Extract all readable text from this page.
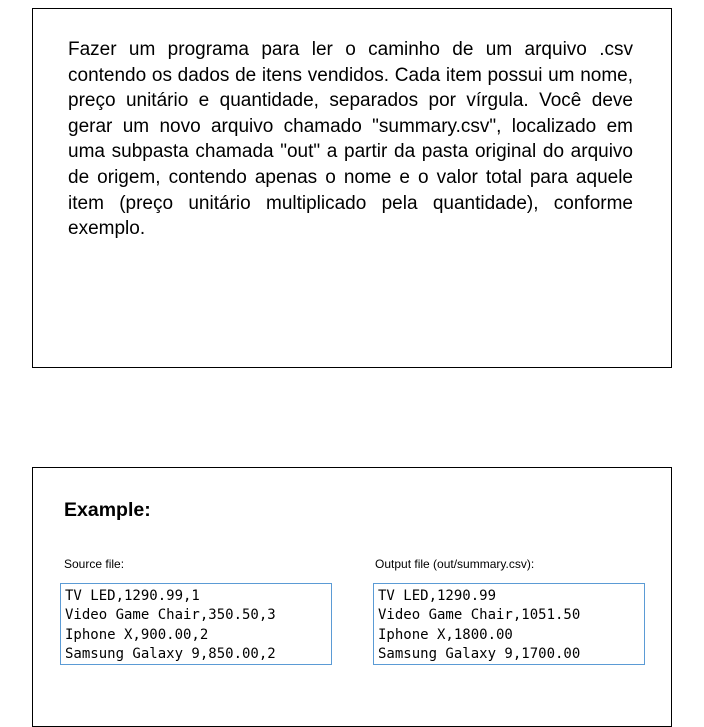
Fazer um programa para ler o caminho de um arquivo .csv contendo os dados de itens vendidos. Cada item possui um nome, preço unitário e quantidade, separados por vírgula. Você deve gerar um novo arquivo chamado "summary.csv", localizado em uma subpasta chamada "out" a partir da pasta original do arquivo de origem, contendo apenas o nome e o valor total para aquele item (preço unitário multiplicado pela quantidade), conforme exemplo.

Example:

Source file:

TV LED,1290.99,1
Video Game Chair,350.50,3
Iphone X,900.00,2
Samsung Galaxy 9,850.00,2

Output file (out/summary.csv):

TV LED,1290.99
Video Game Chair,1051.50
Iphone X,1800.00
Samsung Galaxy 9,1700.00
